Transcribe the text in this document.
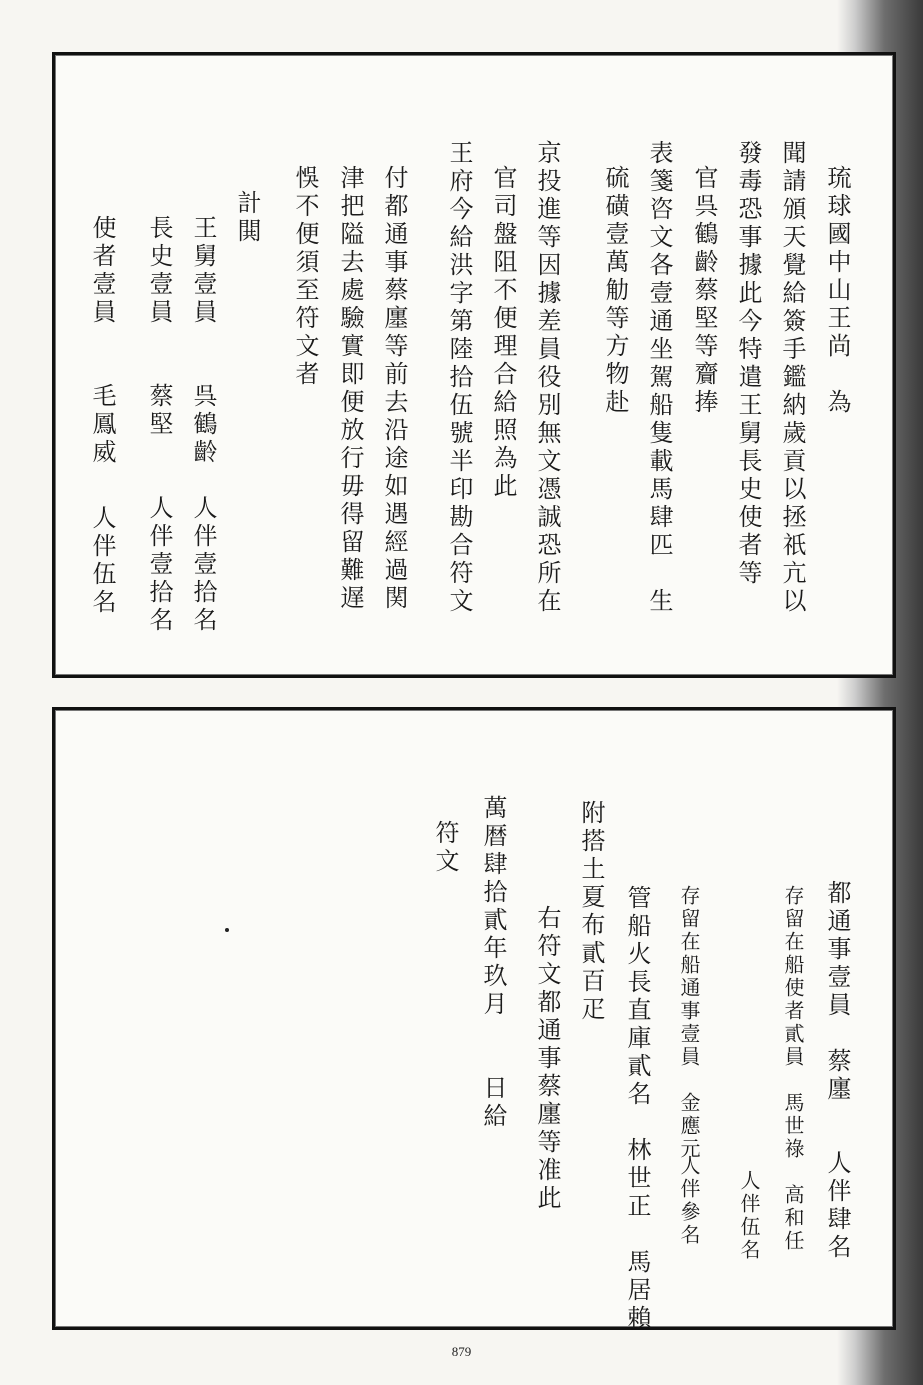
琉球國中山王尚　為
聞請頒天覺給簽手鑑納歲貢以拯祇亢以
發毒恐事據此今特遣王舅長史使者等
官呉鶴齡蔡堅等齎捧
表箋咨文各壹通坐駕船隻載馬肆匹　生
硫磺壹萬觔等方物赴
京投進等因據差員役別無文憑誠恐所在
官司盤阻不便理合給照為此
王府今給洪字第陸拾伍號半印勘合符文
付都通事蔡廛等前去沿途如遇經過関
津把隘去處驗實即便放行毋得留難遅
悞不便須至符文者
計閧
王舅壹員　　呉鶴齡
人伴壹拾名
長史壹員　　蔡堅
人伴壹拾名
使者壹員　　毛鳳威
人伴伍名
都通事壹員　蔡廛
人伴肆名
存留在船使者貳員　馬世祿　高和任
人伴伍名
存留在船通事壹員　金應元
人伴參名
管船火長直庫貳名　林世正　馬居賴
附搭土夏布貳百疋
右符文都通事蔡廛等准此
萬暦肆拾貳年玖月　　日給
符文
879
